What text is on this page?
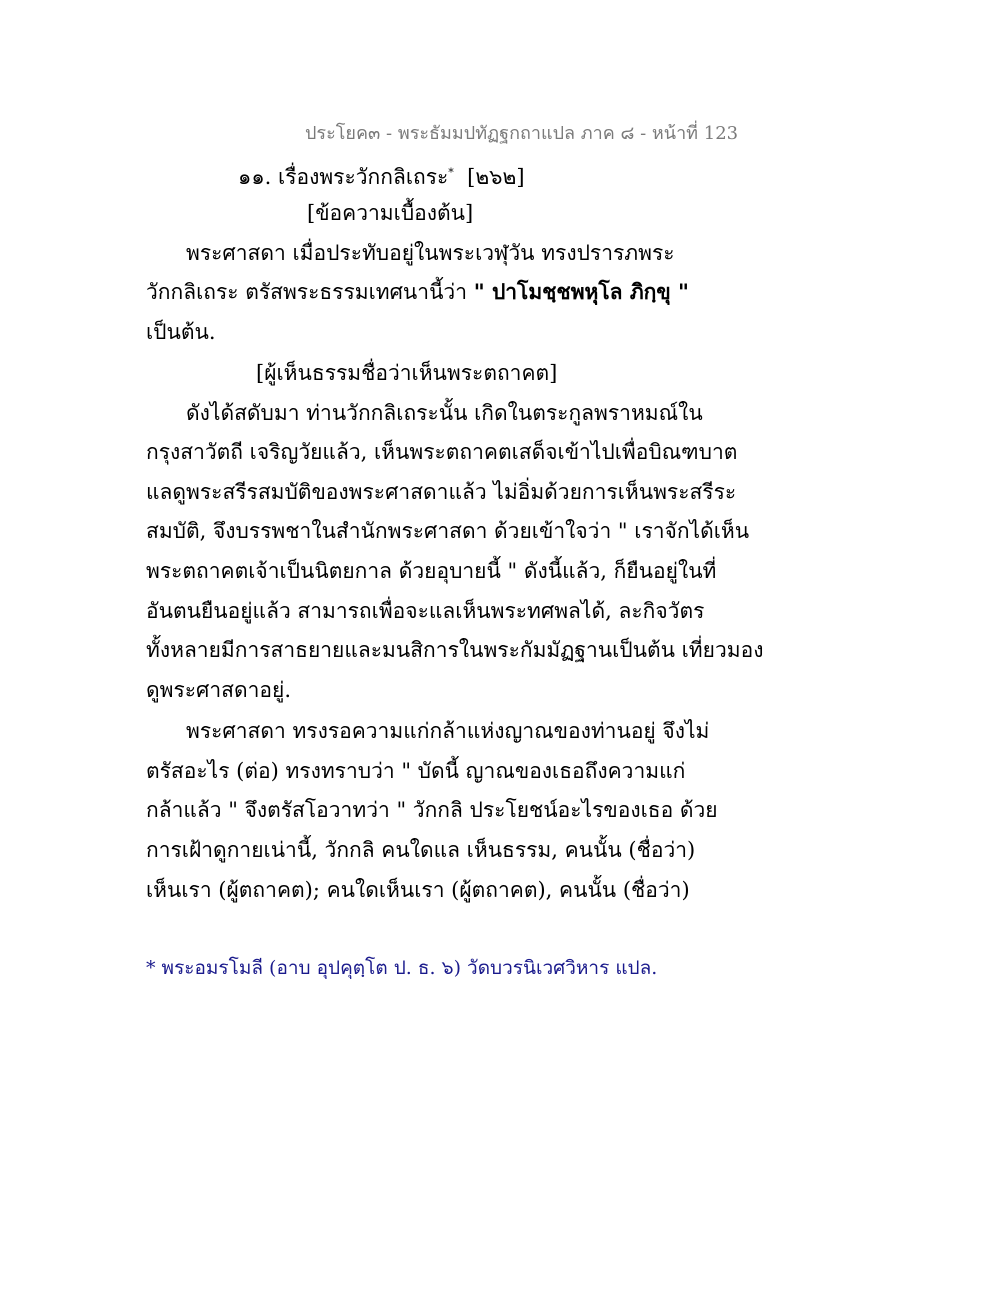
ประโยค๓ - พระธัมมปทัฏฐกถาแปล ภาค ๘ - หน้าที่ 123
๑๑. เรื่องพระวักกลิเถระ* [๒๖๒]
[ข้อความเบื้องต้น]
พระศาสดา เมื่อประทับอยู่ในพระเวฬุวัน ทรงปรารภพระ
วักกลิเถระ ตรัสพระธรรมเทศนานี้ว่า " ปาโมชฺชพหุโล ภิกฺขุ "
เป็นต้น.
[ผู้เห็นธรรมชื่อว่าเห็นพระตถาคต]
ดังได้สดับมา ท่านวักกลิเถระนั้น เกิดในตระกูลพราหมณ์ใน
กรุงสาวัตถี เจริญวัยแล้ว, เห็นพระตถาคตเสด็จเข้าไปเพื่อบิณฑบาต
แลดูพระสรีรสมบัติของพระศาสดาแล้ว ไม่อิ่มด้วยการเห็นพระสรีระ
สมบัติ, จึงบรรพชาในสำนักพระศาสดา ด้วยเข้าใจว่า " เราจักได้เห็น
พระตถาคตเจ้าเป็นนิตยกาล ด้วยอุบายนี้ " ดังนี้แล้ว, ก็ยืนอยู่ในที่
อันตนยืนอยู่แล้ว สามารถเพื่อจะแลเห็นพระทศพลได้, ละกิจวัตร
ทั้งหลายมีการสาธยายและมนสิการในพระกัมมัฏฐานเป็นต้น เที่ยวมอง
ดูพระศาสดาอยู่.
พระศาสดา ทรงรอความแก่กล้าแห่งญาณของท่านอยู่ จึงไม่
ตรัสอะไร (ต่อ) ทรงทราบว่า " บัดนี้ ญาณของเธอถึงความแก่
กล้าแล้ว " จึงตรัสโอวาทว่า " วักกลิ ประโยชน์อะไรของเธอ ด้วย
การเฝ้าดูกายเน่านี้, วักกลิ คนใดแล เห็นธรรม, คนนั้น (ชื่อว่า)
เห็นเรา (ผู้ตถาคต); คนใดเห็นเรา (ผู้ตถาคต), คนนั้น (ชื่อว่า)
* พระอมรโมลี (อาบ อุปคุตฺโต ป. ธ. ๖) วัดบวรนิเวศวิหาร แปล.
